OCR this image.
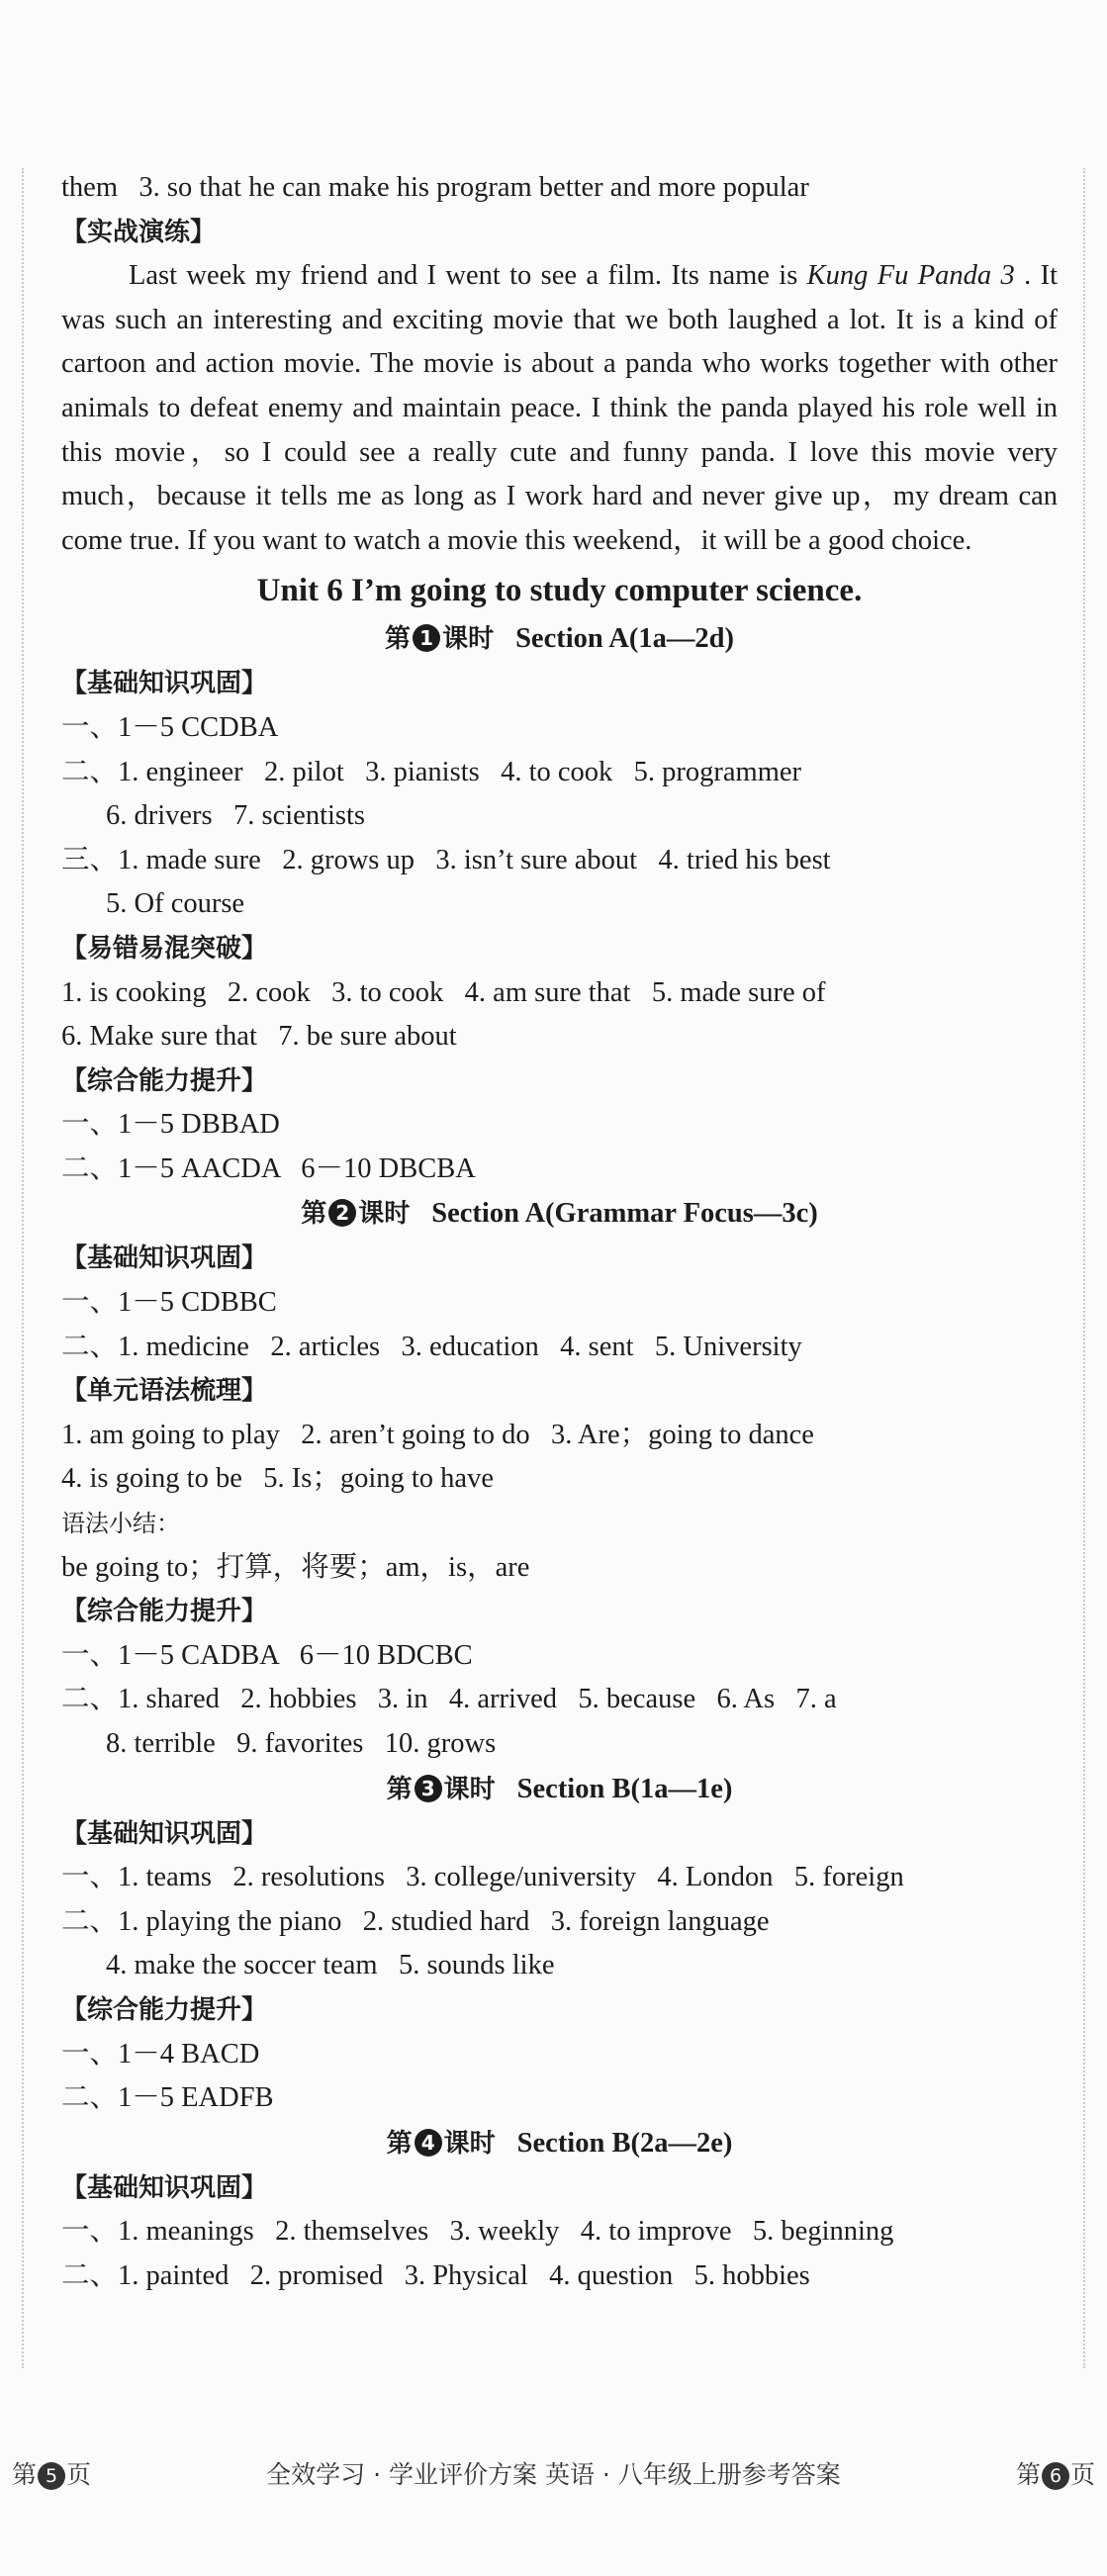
them   3. so that he can make his program better and more popular
【实战演练】
Last week my friend and I went to see a film. Its name is Kung Fu Panda 3 . It was such an interesting and exciting movie that we both laughed a lot. It is a kind of cartoon and action movie. The movie is about a panda who works together with other animals to defeat enemy and maintain peace. I think the panda played his role well in this movie，so I could see a really cute and funny panda. I love this movie very much，because it tells me as long as I work hard and never give up，my dream can come true. If you want to watch a movie this weekend，it will be a good choice.
Unit 6 I’m going to study computer science.
第 1 课时 Section A(1a—2d)
【基础知识巩固】
一、1－5 CCDBA
二、1. engineer   2. pilot   3. pianists   4. to cook   5. programmer
6. drivers   7. scientists
三、1. made sure   2. grows up   3. isn’t sure about   4. tried his best
5. Of course
【易错易混突破】
1. is cooking   2. cook   3. to cook   4. am sure that   5. made sure of
6. Make sure that   7. be sure about
【综合能力提升】
一、1－5 DBBAD
二、1－5 AACDA   6－10 DBCBA
第 2 课时 Section A(Grammar Focus—3c)
【基础知识巩固】
一、1－5 CDBBC
二、1. medicine   2. articles   3. education   4. sent   5. University
【单元语法梳理】
1. am going to play   2. aren’t going to do   3. Are；going to dance
4. is going to be   5. Is；going to have
语法小结：
be going to；打算，将要；am，is，are
【综合能力提升】
一、1－5 CADBA   6－10 BDCBC
二、1. shared   2. hobbies   3. in   4. arrived   5. because   6. As   7. a
8. terrible   9. favorites   10. grows
第 3 课时 Section B(1a—1e)
【基础知识巩固】
一、1. teams   2. resolutions   3. college/university   4. London   5. foreign
二、1. playing the piano   2. studied hard   3. foreign language
4. make the soccer team   5. sounds like
【综合能力提升】
一、1－4 BACD
二、1－5 EADFB
第 4 课时 Section B(2a—2e)
【基础知识巩固】
一、1. meanings   2. themselves   3. weekly   4. to improve   5. beginning
二、1. painted   2. promised   3. Physical   4. question   5. hobbies
第 5 页	全效学习 · 学业评价方案 英语 · 八年级上册参考答案	第 6 页
